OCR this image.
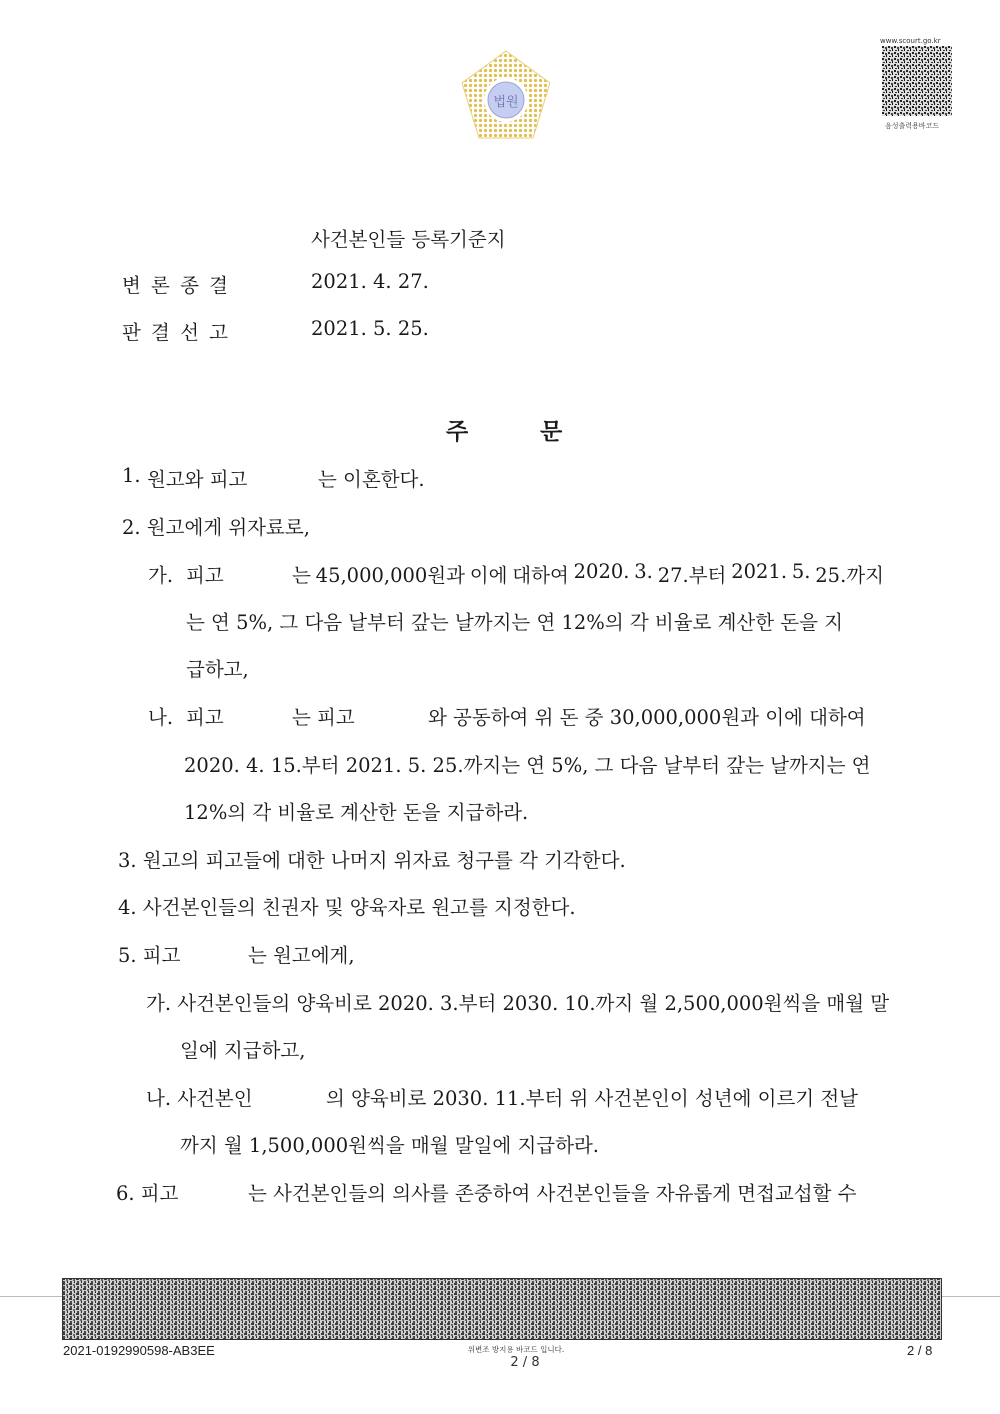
법원
www.scourt.go.kr
음성출력용바코드
사건본인들 등록기준지
변 론 종 결	2021. 4. 27.
판 결 선 고	2021. 5. 25.
주	문
1. 원고와 피고	는 이혼한다.
2. 원고에게 위자료로,
가. 피고	는 45,000,000원과 이에 대하여 2020. 3. 27.부터 2021. 5. 25.까지
는 연 5%, 그 다음 날부터 갚는 날까지는 연 12%의 각 비율로 계산한 돈을 지
급하고,
나. 피고	는 피고	와 공동하여 위 돈 중 30,000,000원과 이에 대하여
2020. 4. 15.부터 2021. 5. 25.까지는 연 5%, 그 다음 날부터 갚는 날까지는 연
12%의 각 비율로 계산한 돈을 지급하라.
3. 원고의 피고들에 대한 나머지 위자료 청구를 각 기각한다.
4. 사건본인들의 친권자 및 양육자로 원고를 지정한다.
5. 피고	는 원고에게,
가. 사건본인들의 양육비로 2020. 3.부터 2030. 10.까지 월 2,500,000원씩을 매월 말
일에 지급하고,
나. 사건본인	의 양육비로 2030. 11.부터 위 사건본인이 성년에 이르기 전날
까지 월 1,500,000원씩을 매월 말일에 지급하라.
6. 피고	는 사건본인들의 의사를 존중하여 사건본인들을 자유롭게 면접교섭할 수
2021-0192990598-AB3EE	위변조 방지용 바코드 입니다.
2 / 8
2 / 8
